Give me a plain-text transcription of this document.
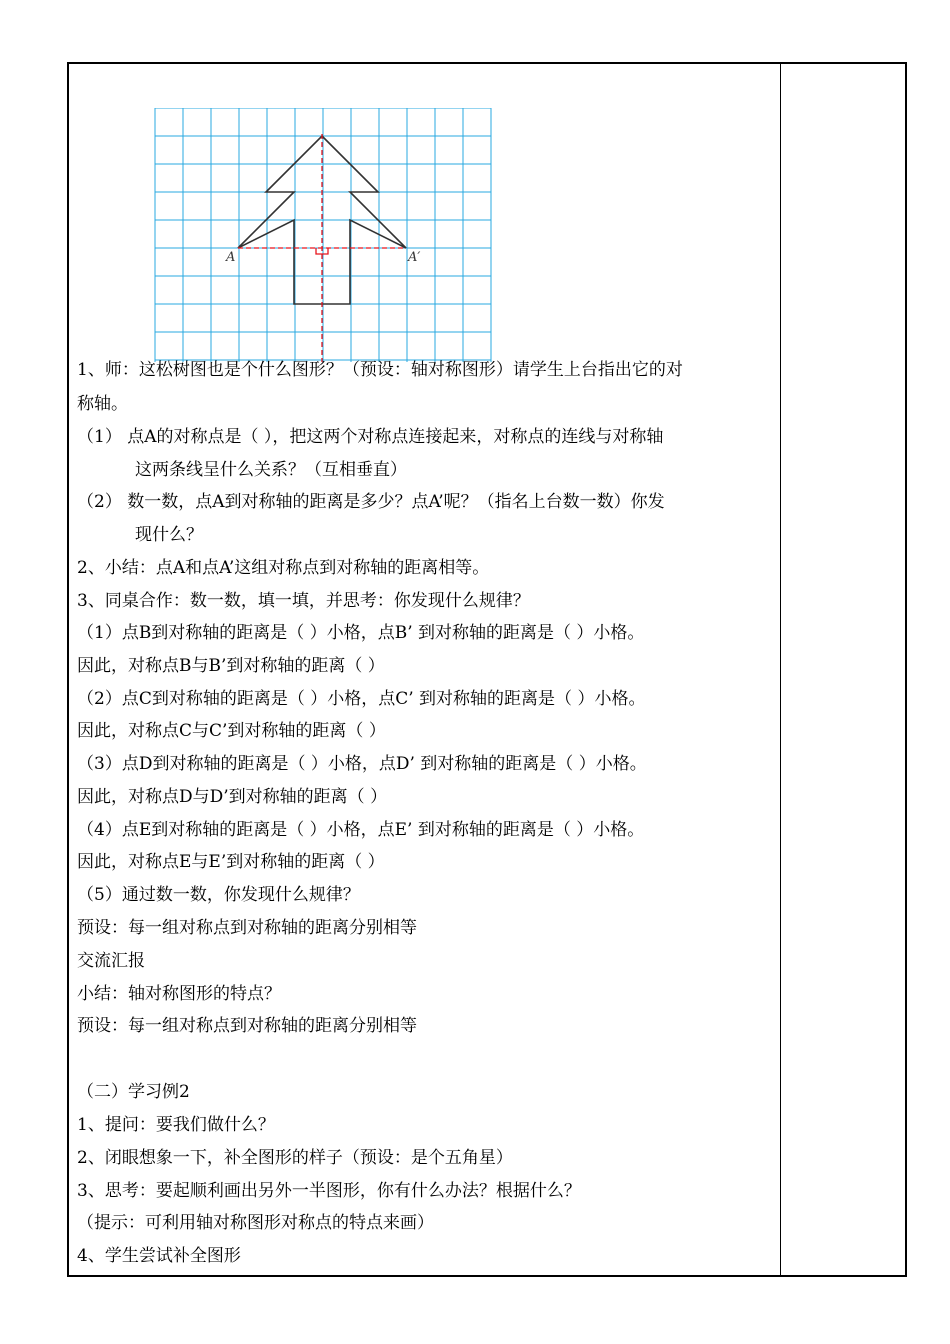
A	A′
1、师：这松树图也是个什么图形？（预设：轴对称图形）请学生上台指出它的对
称轴。
（1） 点A的对称点是（ ），把这两个对称点连接起来，对称点的连线与对称轴
这两条线呈什么关系？（互相垂直）
（2） 数一数，点A到对称轴的距离是多少？点A’呢？（指名上台数一数）你发
现什么？
2、小结：点A和点A’这组对称点到对称轴的距离相等。
3、同桌合作：数一数，填一填，并思考：你发现什么规律？
（1）点B到对称轴的距离是（ ）小格，点B’ 到对称轴的距离是（ ）小格。
因此，对称点B与B’到对称轴的距离（ ）
（2）点C到对称轴的距离是（ ）小格，点C’ 到对称轴的距离是（ ）小格。
因此，对称点C与C’到对称轴的距离（ ）
（3）点D到对称轴的距离是（ ）小格，点D’ 到对称轴的距离是（ ）小格。
因此，对称点D与D’到对称轴的距离（ ）
（4）点E到对称轴的距离是（ ）小格，点E’ 到对称轴的距离是（ ）小格。
因此，对称点E与E’到对称轴的距离（ ）
（5）通过数一数，你发现什么规律？
预设：每一组对称点到对称轴的距离分别相等
交流汇报
小结：轴对称图形的特点？
预设：每一组对称点到对称轴的距离分别相等
（二）学习例2
1、提问：要我们做什么？
2、闭眼想象一下，补全图形的样子（预设：是个五角星）
3、思考：要起顺利画出另外一半图形，你有什么办法？根据什么？
（提示：可利用轴对称图形对称点的特点来画）
4、学生尝试补全图形
